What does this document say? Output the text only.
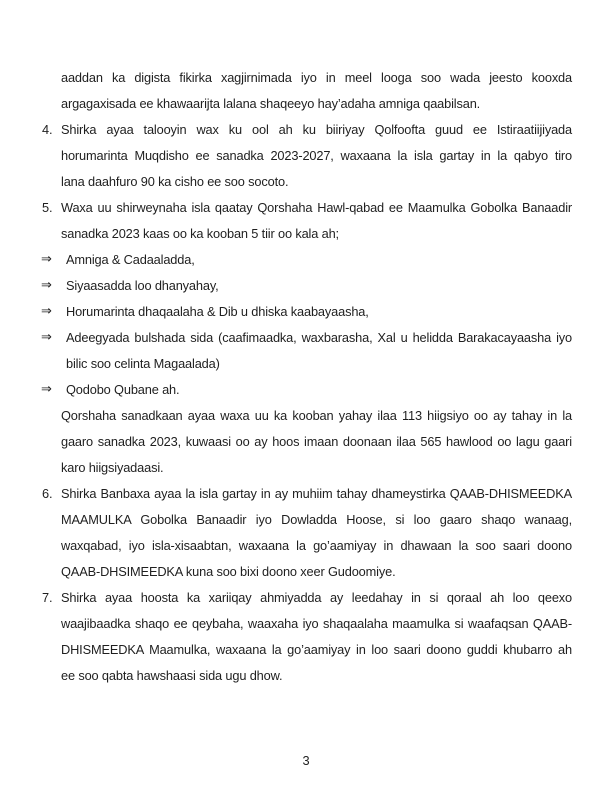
aaddan ka digista fikirka xagjirnimada iyo in meel looga soo wada jeesto kooxda
argagaxisada ee khawaarijta lalana shaqeeyo hay’adaha amniga qaabilsan.
4. Shirka ayaa talooyin wax ku ool ah ku biiriyay Qolfoofta guud ee Istiraatiijiyada
horumarinta Muqdisho ee sanadka 2023-2027, waxaana la isla gartay in la qabyo tiro
lana daahfuro 90 ka cisho ee soo socoto.
5. Waxa uu shirweynaha isla qaatay Qorshaha Hawl-qabad ee Maamulka Gobolka Banaadir
sanadka 2023 kaas oo ka kooban 5 tiir oo kala ah;
⇒ Amniga & Cadaaladda,
⇒ Siyaasadda loo dhanyahay,
⇒ Horumarinta dhaqaalaha & Dib u dhiska kaabayaasha,
⇒ Adeegyada bulshada sida (caafimaadka, waxbarasha, Xal u helidda Barakacayaasha iyo
bilic soo celinta Magaalada)
⇒ Qodobo Qubane ah.
Qorshaha sanadkaan ayaa waxa uu ka kooban yahay ilaa 113 hiigsiyo oo ay tahay in la
gaaro sanadka 2023, kuwaasi oo ay hoos imaan doonaan ilaa 565 hawlood oo lagu gaari
karo hiigsiyadaasi.
6. Shirka Banbaxa ayaa la isla gartay in ay muhiim tahay dhameystirka QAAB-DHISMEEDKA
MAAMULKA Gobolka Banaadir iyo Dowladda Hoose, si loo gaaro shaqo wanaag,
waxqabad, iyo isla-xisaabtan, waxaana la go’aamiyay in dhawaan la soo saari doono
QAAB-DHSIMEEDKA kuna soo bixi doono xeer Gudoomiye.
7. Shirka ayaa hoosta ka xariiqay ahmiyadda ay leedahay in si qoraal ah loo qeexo
waajibaadka shaqo ee qeybaha, waaxaha iyo shaqaalaha maamulka si waafaqsan QAAB-
DHISMEEDKA Maamulka, waxaana la go’aamiyay in loo saari doono guddi khubarro ah
ee soo qabta hawshaasi sida ugu dhow.
3
